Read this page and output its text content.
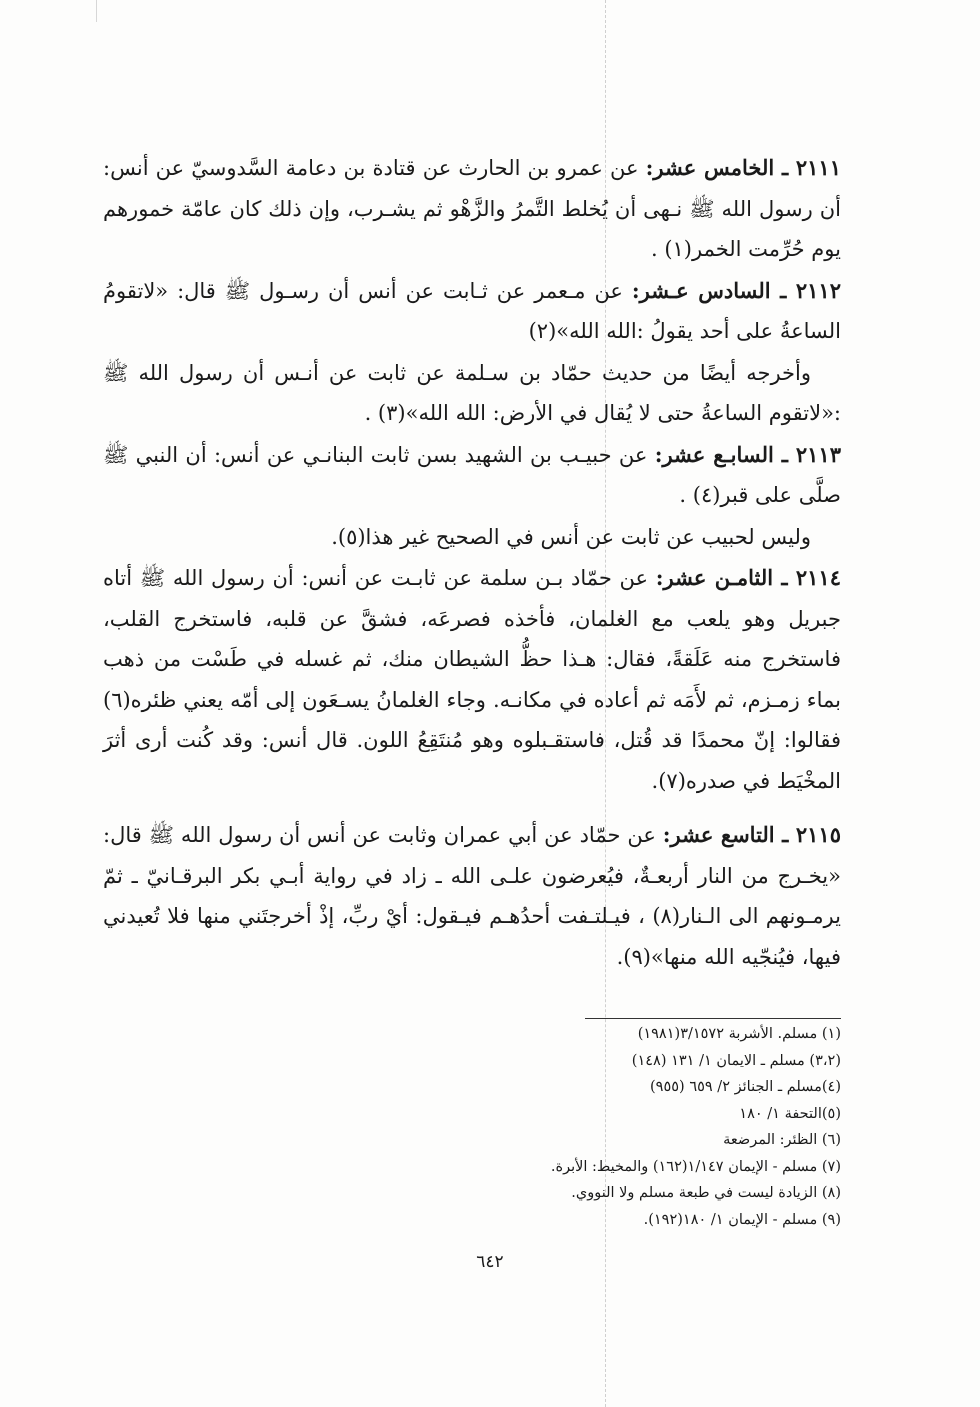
٢١١١ ـ الخامس عشر: عن عمرو بن الحارث عن قتادة بن دعامة السَّدوسيّ عن أنس: أن رسول الله ﷺ نـهى أن يُخلط التَّمرُ والزَّهْو ثم يشـرب، وإن ذلك كان عامّة خمورهم يوم حُرِّمت الخمر(١) .

٢١١٢ ـ السادس عـشر: عن مـعمر عن ثـابت عن أنس أن رسـول ﷺ قال: «لاتقومُ الساعةُ على أحد يقولُ :الله الله»(٢)

وأخرجه أيضًا من حديث حمّاد بن سـلمة عن ثابت عن أنـس أن رسول الله ﷺ :«لاتقوم الساعةُ حتى لا يُقال في الأرض: الله الله»(٣) .

٢١١٣ ـ السابـع عشر: عن حبيـب بن الشهيد بسن ثابت البنانـي عن أنس: أن النبي ﷺ صلَّى على قبر(٤) .

وليس لحبيب عن ثابت عن أنس في الصحيح غير هذا(٥).

٢١١٤ ـ الثامـن عشر: عن حمّاد بـن سلمة عن ثابـت عن أنس: أن رسول الله ﷺ أتاه جبريل وهو يلعب مع الغلمان، فأخذه فصرعَه، فشقَّ عن قلبه، فاستخرج القلب، فاستخرج منه عَلَقةً، فقال: هـذا حظُّ الشيطان منك، ثم غسله في طَسْت من ذهب بماء زمـزم، ثم لأَمَه ثم أعاده في مكانـه. وجاء الغلمانُ يسـعَون إلى أمّه يعني ظئره(٦) فقالوا: إنّ محمدًا قد قُتل، فاستقـبلوه وهو مُنتَقِعُ اللون. قال أنس: وقد كُنت أرى أثرَ المخْيَط في صدره(٧).

٢١١٥ ـ التاسع عشر: عن حمّاد عن أبي عمران وثابت عن أنس أن رسول الله ﷺ قال: «يخـرج من النار أربعـةٌ، فيُعرضون علـى الله ـ زاد في رواية أبـي بكر البرقـانيّ ـ ثمّ يرمـونهم الى الـنار(٨) ، فيـلتـفت أحدُهـم فيـقول: أيْ ربِّ، إذْ أخرجتَني منها فلا تُعيدني فيها، فيُنجّيه الله منها»(٩).

(١) مسلم. الأشربة ٣/١٥٧٢(١٩٨١)

(٣،٢) مسلم ـ الايمان ١/ ١٣١ (١٤٨)

(٤)مسلم ـ الجنائز ٢/ ٦٥٩ (٩٥٥)

(٥)التحفة ١/ ١٨٠

(٦) الظئر: المرضعة

(٧) مسلم - الإيمان ١/١٤٧(١٦٢) والمخيط: الأبرة.

(٨) الزيادة ليست في طبعة مسلم ولا النووي.

(٩) مسلم - الإيمان ١/ ١٨٠(١٩٢).

٦٤٢
